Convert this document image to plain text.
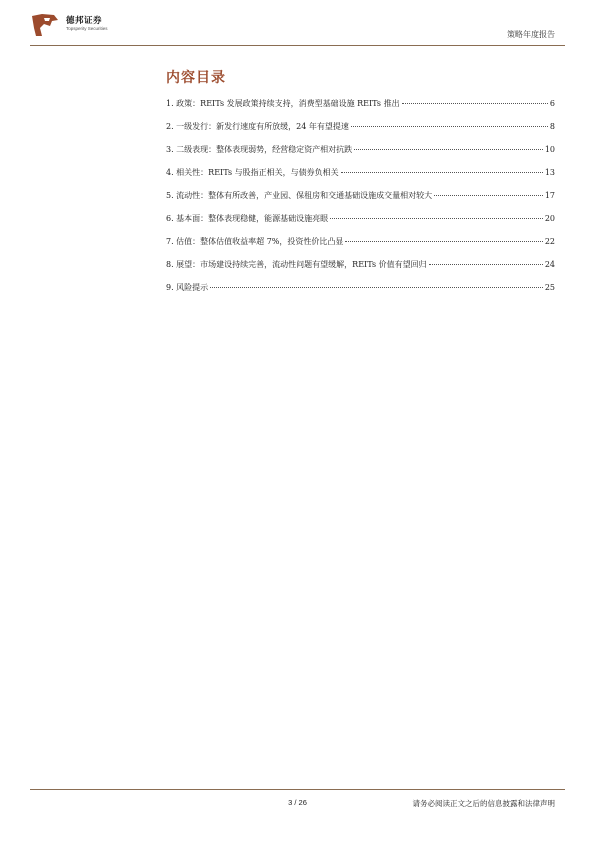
德邦证券
Topsperity Securities
策略年度报告
内容目录
1. 政策：REITs 发展政策持续支持，消费型基础设施 REITs 推出	6
2. 一级发行：新发行速度有所放缓，24 年有望提速	8
3. 二级表现：整体表现弱势，经营稳定资产相对抗跌	10
4. 相关性：REITs 与股指正相关，与债券负相关	13
5. 流动性：整体有所改善，产业园、保租房和交通基础设施成交量相对较大	17
6. 基本面：整体表现稳健，能源基础设施亮眼	20
7. 估值：整体估值收益率超 7%，投资性价比凸显	22
8. 展望：市场建设持续完善，流动性问题有望缓解，REITs 价值有望回归	24
9. 风险提示	25
3 / 26	请务必阅读正文之后的信息披露和法律声明
